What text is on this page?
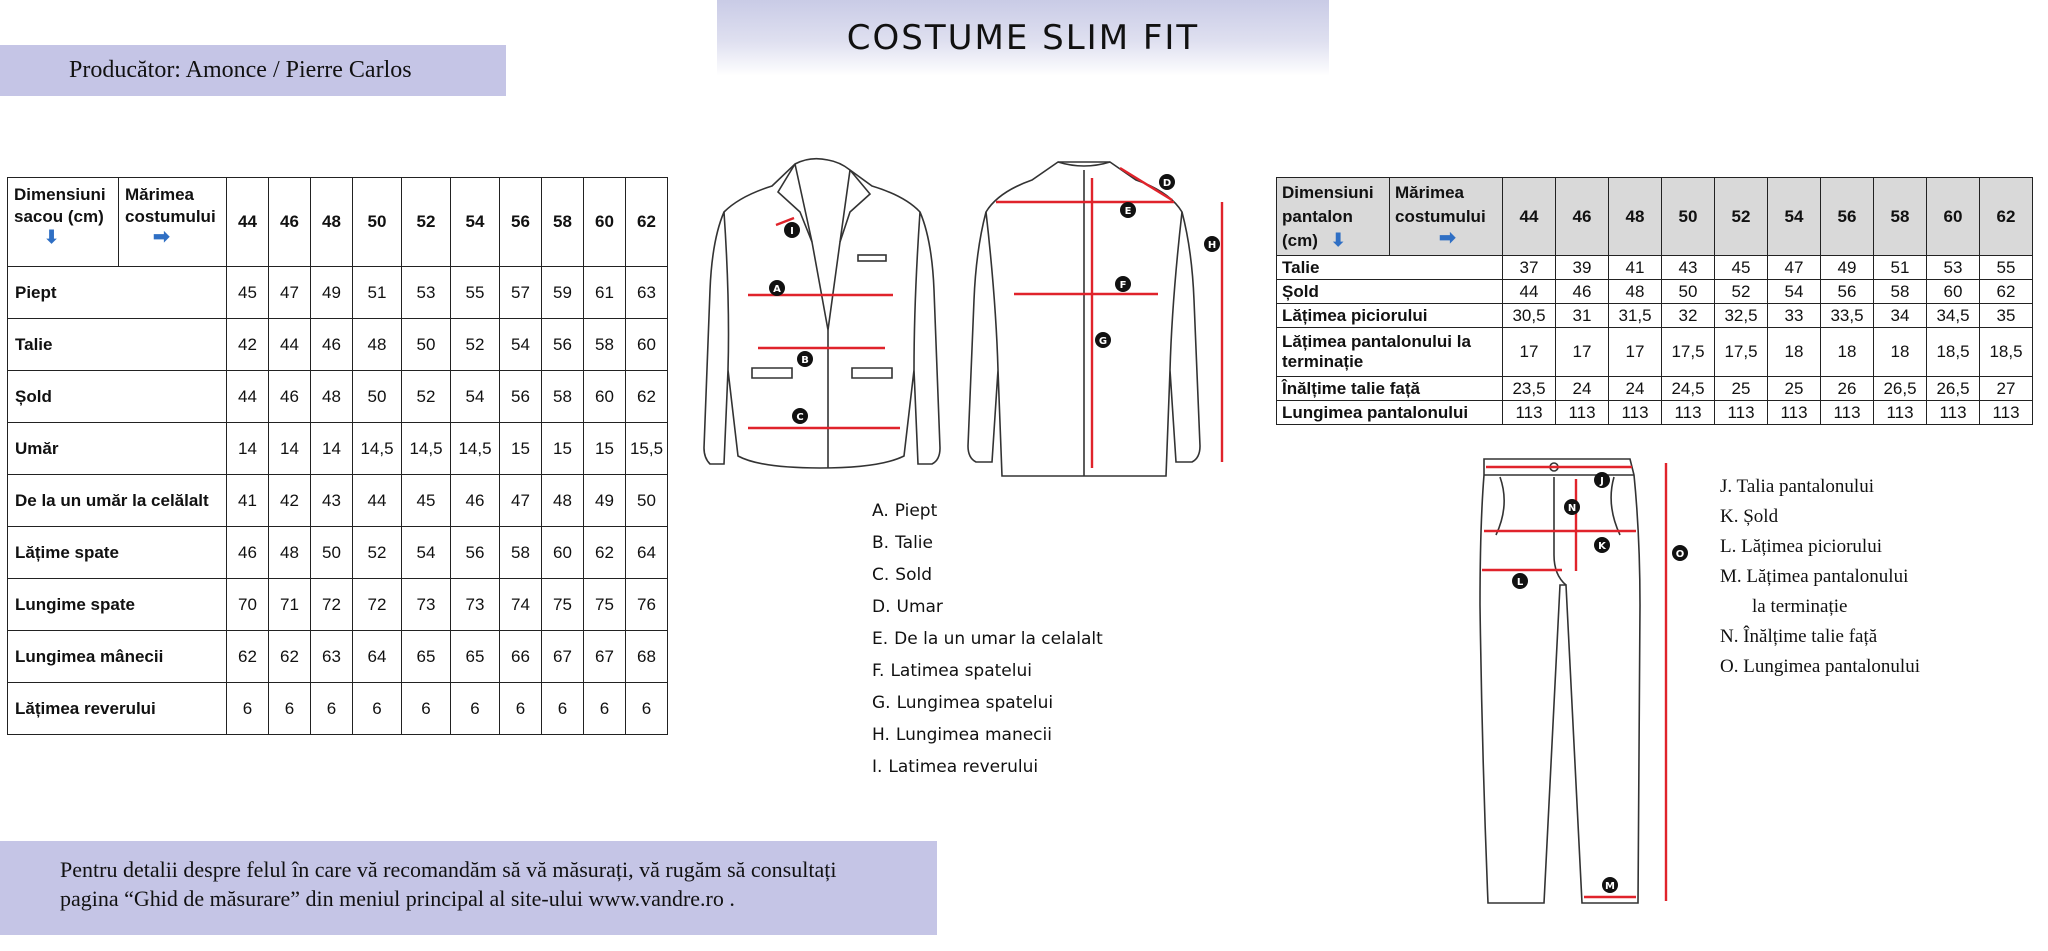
COSTUME SLIM FIT
Producător: Amonce / Pierre Carlos
Dimensiuni sacou (cm)
⬇	Mărimea costumului
➡	44	46	48	50	52	54	56	58	60	62
Piept		45	47	49	51	53	55	57	59	61	63
Talie		42	44	46	48	50	52	54	56	58	60
Șold		44	46	48	50	52	54	56	58	60	62
Umăr		14	14	14	14,5	14,5	14,5	15	15	15	15,5
De la un umăr la celălalt		41	42	43	44	45	46	47	48	49	50
Lățime spate		46	48	50	52	54	56	58	60	62	64
Lungime spate		70	71	72	72	73	73	74	75	75	76
Lungimea mânecii		62	62	63	64	65	65	66	67	67	68
Lățimea reverului		6	6	6	6	6	6	6	6	6	6
A
B
C
I
D
E
F
G
H
A. Piept
B. Talie
C. Sold
D. Umar
E. De la un umar la celalalt
F. Latimea spatelui
G. Lungimea spatelui
H. Lungimea manecii
I. Latimea reverului
Dimensiuni pantalon (cm) ⬇	Mărimea costumului
➡	44	46	48	50	52	54	56	58	60	62
Talie		37	39	41	43	45	47	49	51	53	55
Șold		44	46	48	50	52	54	56	58	60	62
Lățimea piciorului		30,5	31	31,5	32	32,5	33	33,5	34	34,5	35
Lățimea pantalonului la terminație		17	17	17	17,5	17,5	18	18	18	18,5	18,5
Înălțime talie față		23,5	24	24	24,5	25	25	26	26,5	26,5	27
Lungimea pantalonului		113	113	113	113	113	113	113	113	113	113
J
K
L
M
N
O
J. Talia pantalonului
K. Șold
L. Lățimea piciorului
M. Lățimea pantalonului
la terminație
N. Înălțime talie față
O. Lungimea pantalonului
Pentru detalii despre felul în care vă recomandăm să vă măsurați, vă rugăm să consultați
pagina “Ghid de măsurare” din meniul principal al site-ului www.vandre.ro .
